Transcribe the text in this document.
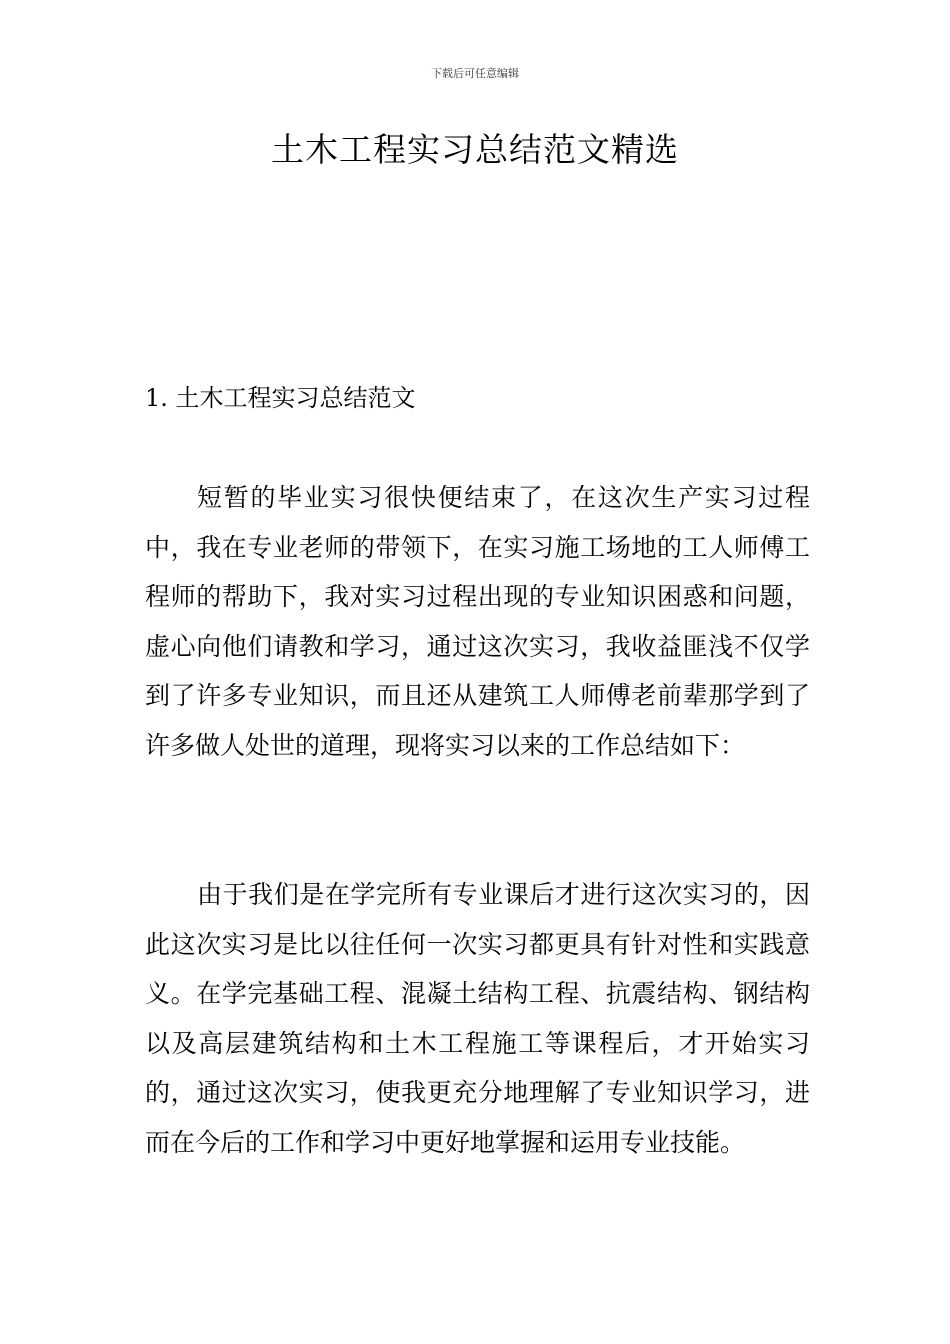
下载后可任意编辑
土木工程实习总结范文精选
1. 土木工程实习总结范文

短暂的毕业实习很快便结束了，在这次生产实习过程中，我在专业老师的带领下，在实习施工场地的工人师傅工程师的帮助下，我对实习过程出现的专业知识困惑和问题，虚心向他们请教和学习，通过这次实习，我收益匪浅不仅学到了许多专业知识，而且还从建筑工人师傅老前辈那学到了许多做人处世的道理，现将实习以来的工作总结如下：

由于我们是在学完所有专业课后才进行这次实习的，因此这次实习是比以往任何一次实习都更具有针对性和实践意义。在学完基础工程、混凝土结构工程、抗震结构、钢结构以及高层建筑结构和土木工程施工等课程后，才开始实习的，通过这次实习，使我更充分地理解了专业知识学习，进而在今后的工作和学习中更好地掌握和运用专业技能。
